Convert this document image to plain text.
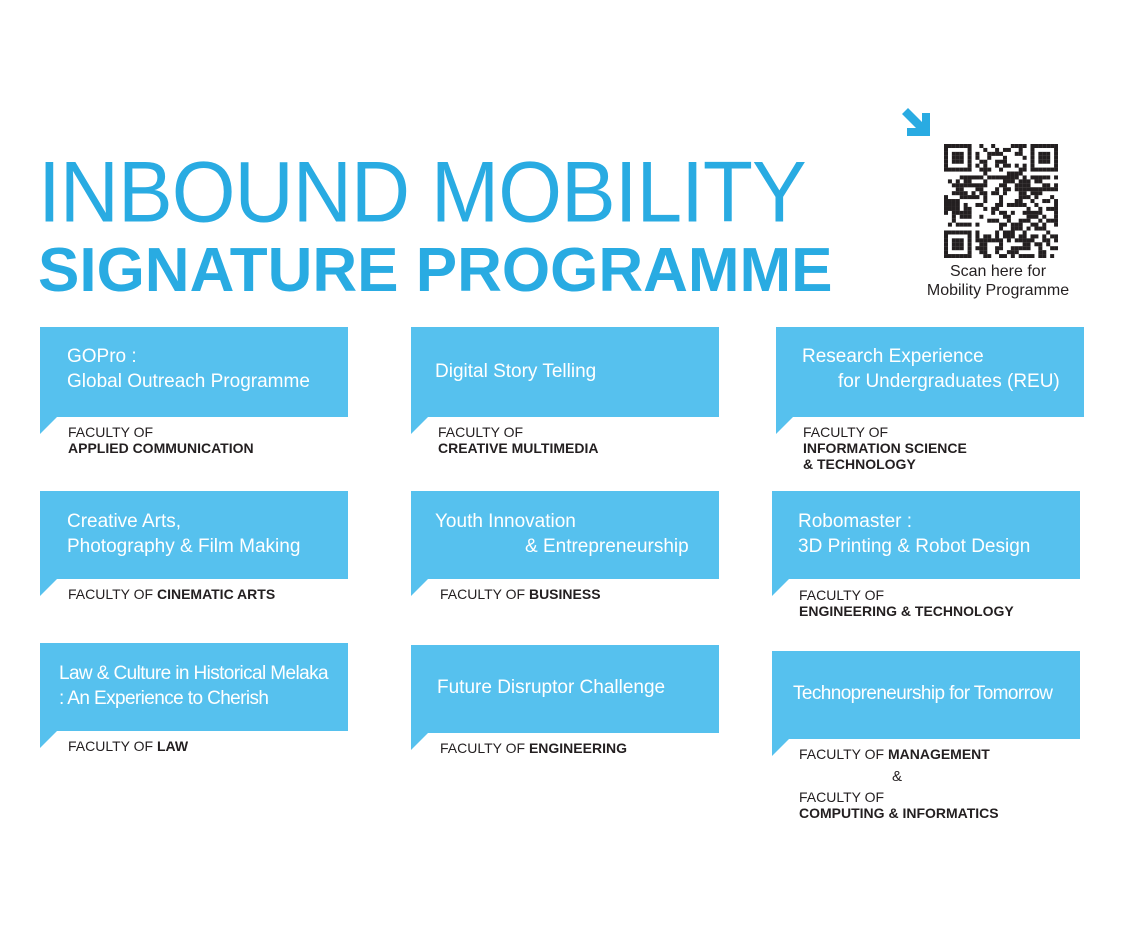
INBOUND MOBILITY
SIGNATURE PROGRAMME	Scan here for
Mobility Programme
GOPro :
Global Outreach Programme
FACULTY OF
APPLIED COMMUNICATION
Digital Story Telling
FACULTY OF
CREATIVE MULTIMEDIA
Research Experience
for Undergraduates (REU)
FACULTY OF
INFORMATION SCIENCE
& TECHNOLOGY
Creative Arts,
Photography & Film Making
FACULTY OF CINEMATIC ARTS
Youth Innovation
& Entrepreneurship
FACULTY OF BUSINESS
Robomaster :
3D Printing & Robot Design
FACULTY OF
ENGINEERING & TECHNOLOGY
Law & Culture in Historical Melaka
: An Experience to Cherish
FACULTY OF LAW
Future Disruptor Challenge
FACULTY OF ENGINEERING
Technopreneurship for Tomorrow
FACULTY OF MANAGEMENT
&
FACULTY OF
COMPUTING & INFORMATICS
